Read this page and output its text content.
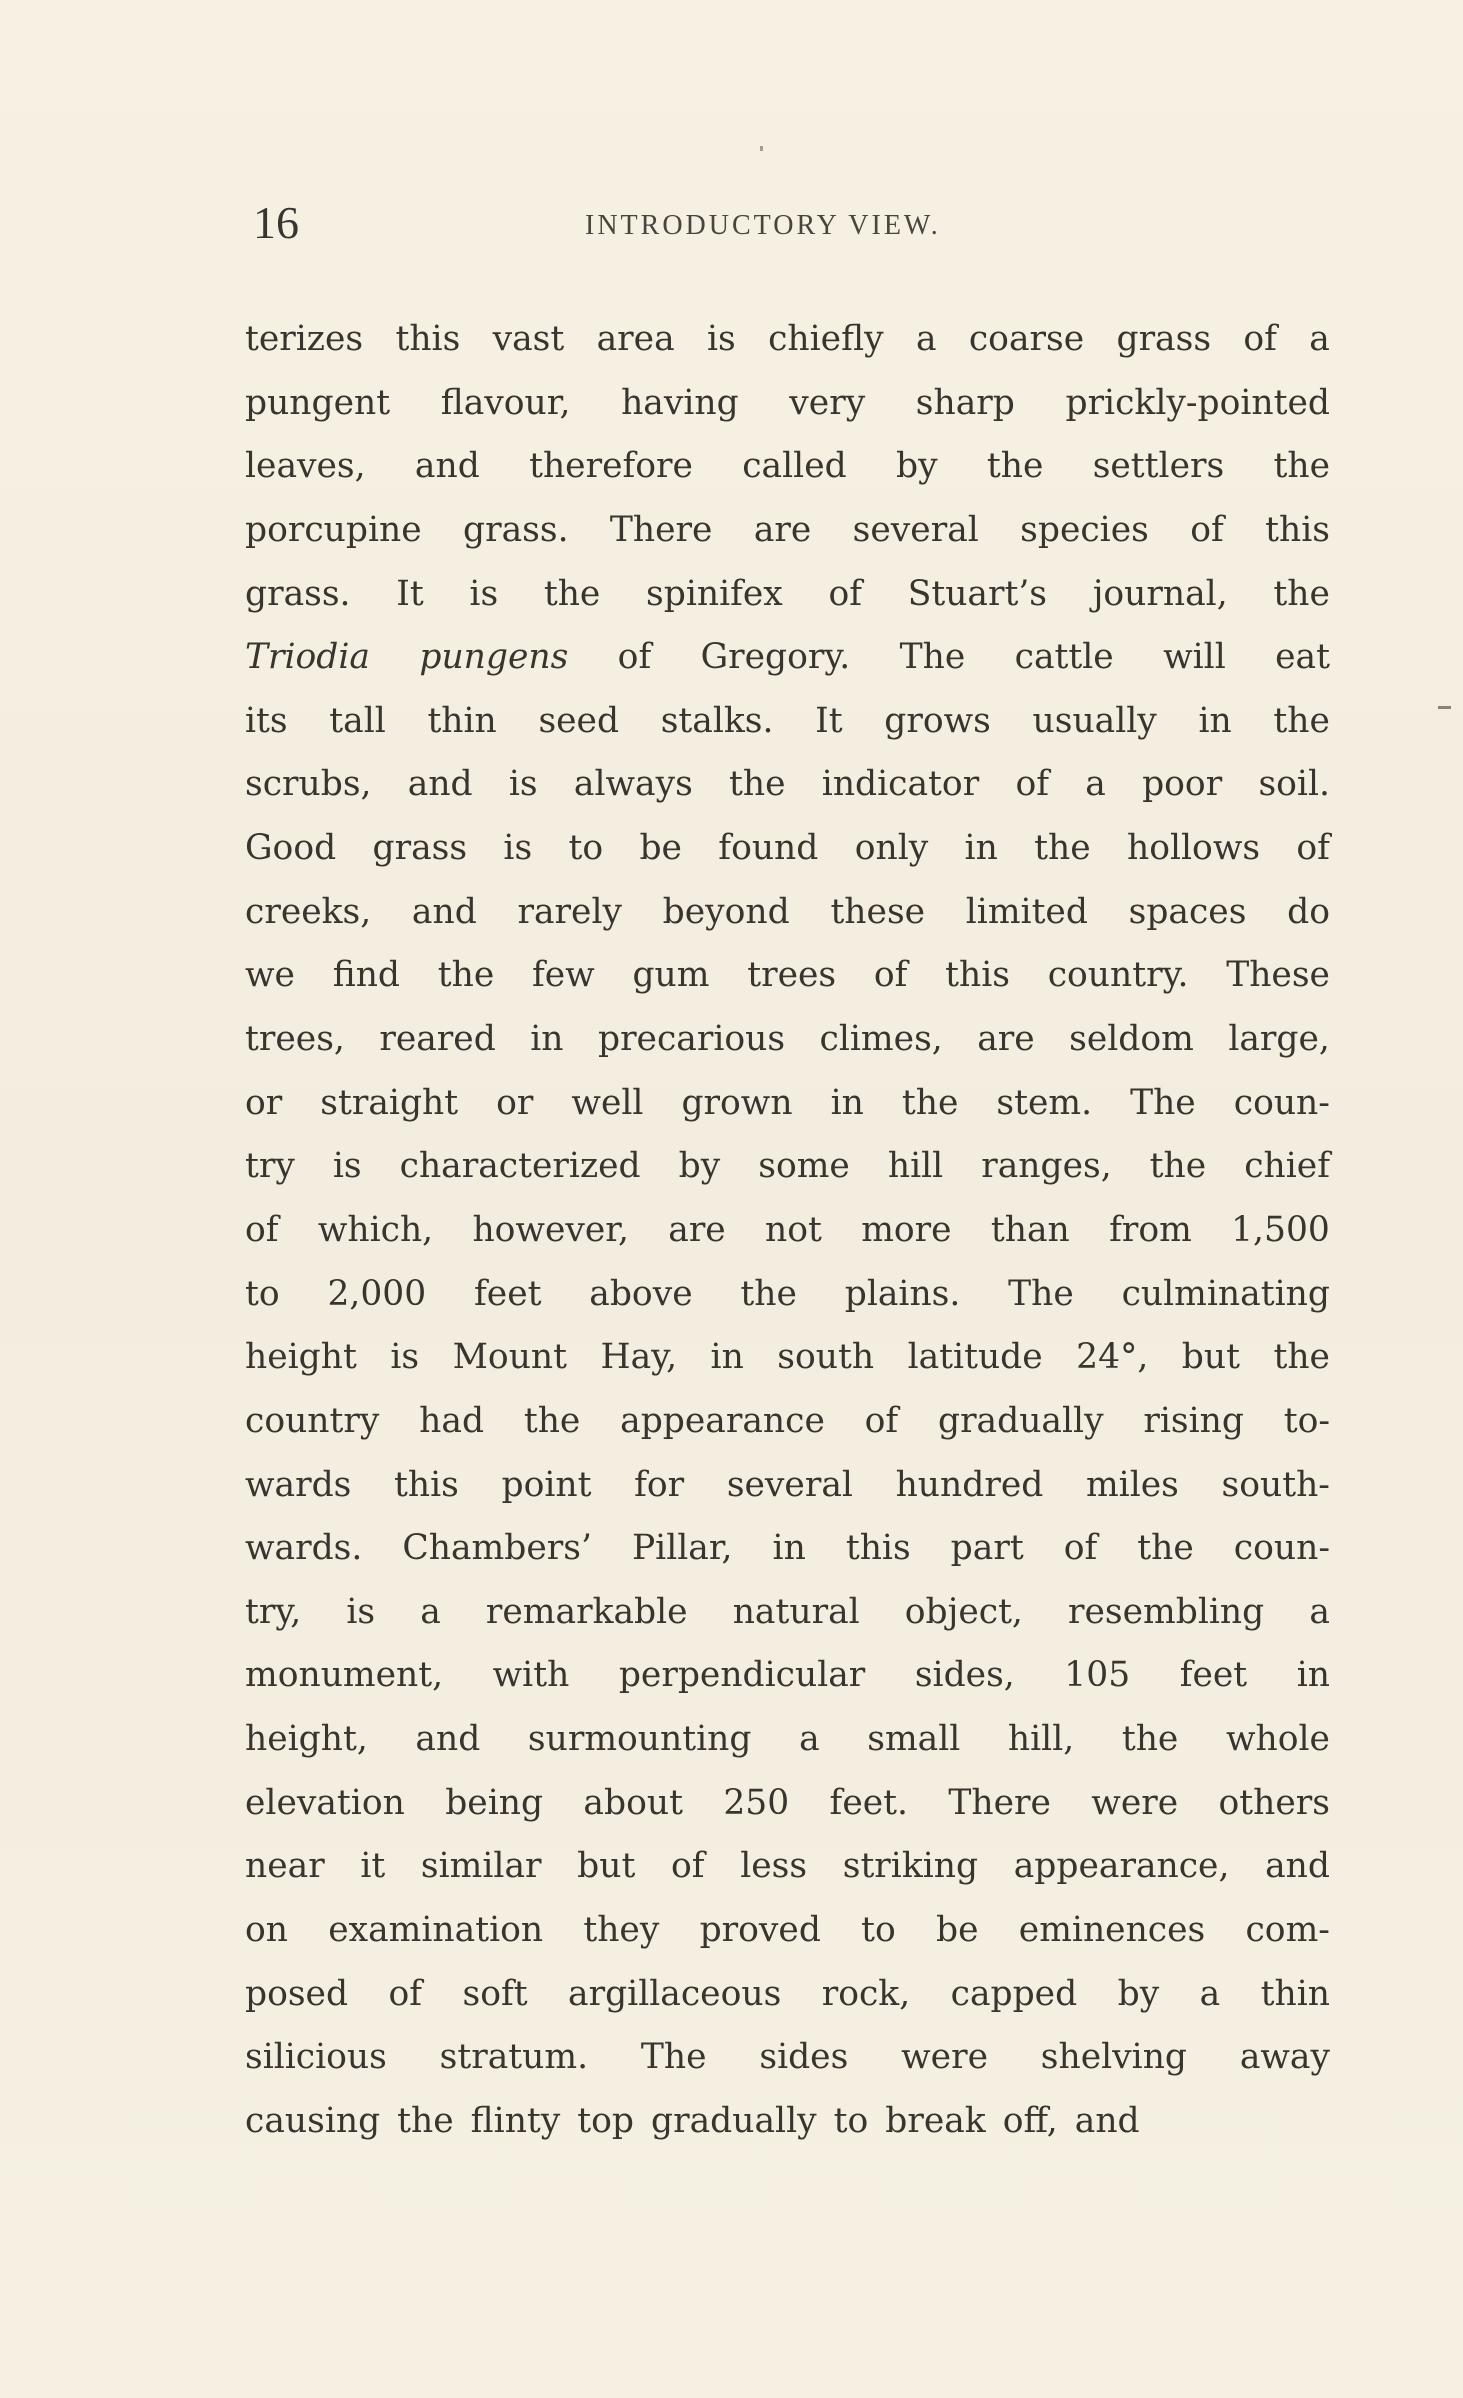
16	INTRODUCTORY VIEW.
terizes this vast area is chiefly a coarse grass of a
pungent flavour, having very sharp prickly-pointed
leaves, and therefore called by the settlers the
porcupine grass. There are several species of this
grass. It is the spinifex of Stuart’s journal, the
Triodia pungens of Gregory. The cattle will eat
its tall thin seed stalks. It grows usually in the
scrubs, and is always the indicator of a poor soil.
Good grass is to be found only in the hollows of
creeks, and rarely beyond these limited spaces do
we find the few gum trees of this country. These
trees, reared in precarious climes, are seldom large,
or straight or well grown in the stem. The coun-
try is characterized by some hill ranges, the chief
of which, however, are not more than from 1,500
to 2,000 feet above the plains. The culminating
height is Mount Hay, in south latitude 24°, but the
country had the appearance of gradually rising to-
wards this point for several hundred miles south-
wards. Chambers’ Pillar, in this part of the coun-
try, is a remarkable natural object, resembling a
monument, with perpendicular sides, 105 feet in
height, and surmounting a small hill, the whole
elevation being about 250 feet. There were others
near it similar but of less striking appearance, and
on examination they proved to be eminences com-
posed of soft argillaceous rock, capped by a thin
silicious stratum. The sides were shelving away
causing the flinty top gradually to break off, and
